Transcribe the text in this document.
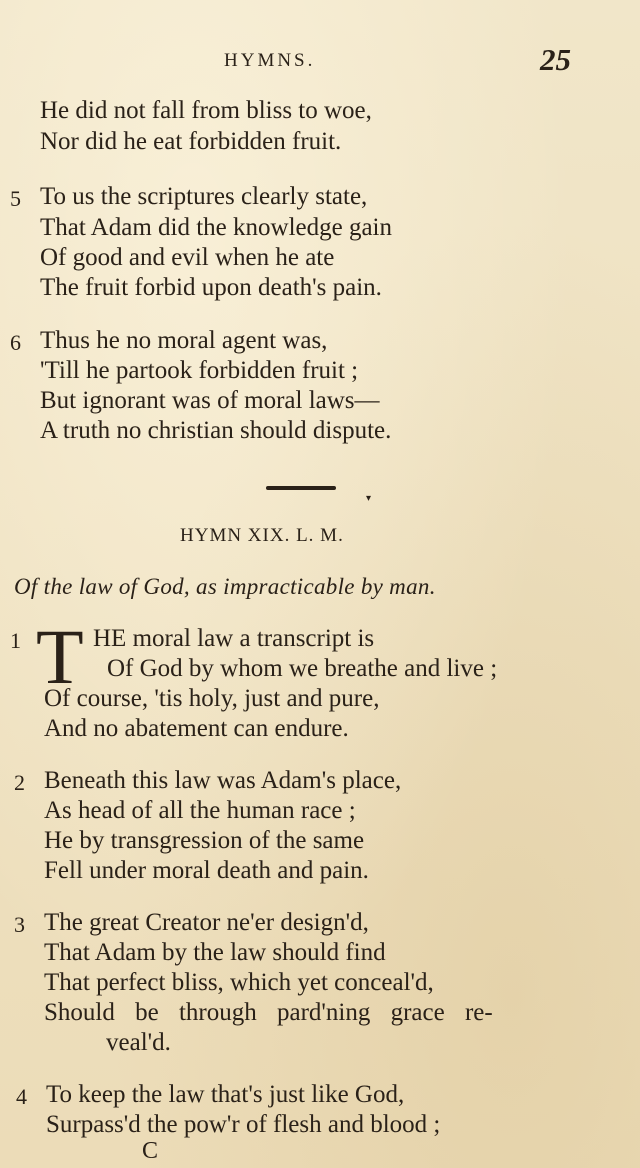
HYMNS.	25
He did not fall from bliss to woe,
Nor did he eat forbidden fruit.
5 To us the scriptures clearly state,
That Adam did the knowledge gain
Of good and evil when he ate
The fruit forbid upon death's pain.
6 Thus he no moral agent was,
'Till he partook forbidden fruit ;
But ignorant was of moral laws—
A truth no christian should dispute.
▾
HYMN XIX. L. M.
Of the law of God, as impracticable by man.
1 T HE moral law a transcript is
Of God by whom we breathe and live ;
Of course, 'tis holy, just and pure,
And no abatement can endure.
2 Beneath this law was Adam's place,
As head of all the human race ;
He by transgression of the same
Fell under moral death and pain.
3 The great Creator ne'er design'd,
That Adam by the law should find
That perfect bliss, which yet conceal'd,
Should be through pard'ning grace re-
veal'd.
4 To keep the law that's just like God,
Surpass'd the pow'r of flesh and blood ;
C
